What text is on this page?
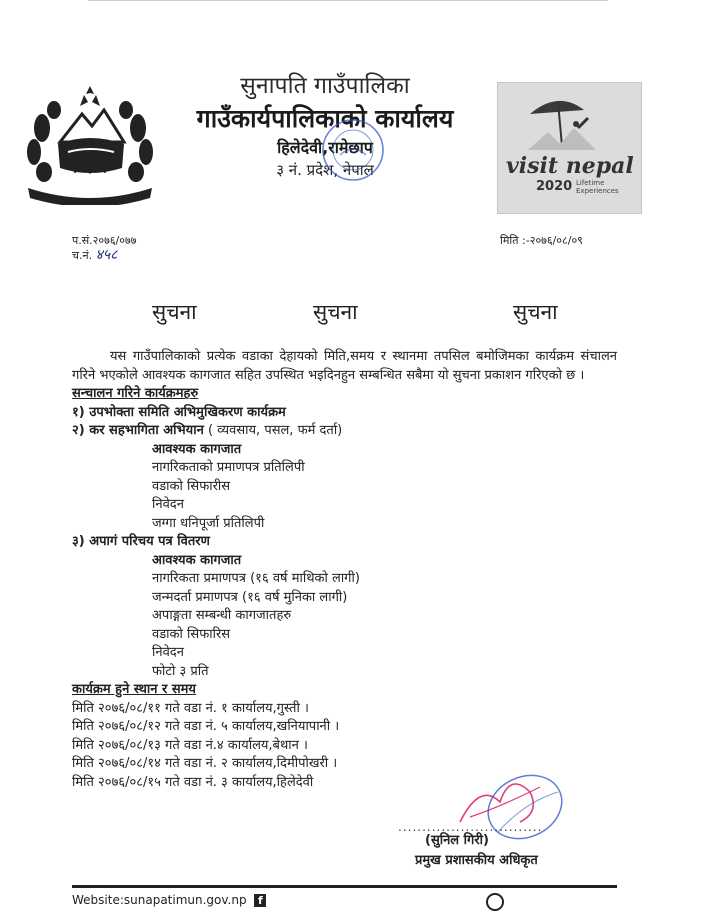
सुनापति गाउँपालिका
गाउँकार्यपालिकाको कार्यालय
हिलेदेवी,रामेछाप
३ नं. प्रदेश, नेपाल	visit nepal
2020 Lifetime
Experiences
प.सं.२०७६/०७७
च.नं. ४५८
मिति :-२०७६/०८/०९
सुचना	सुचना	सुचना
यस गाउँपालिकाको प्रत्येक वडाका देहायको मिति,समय र स्थानमा तपसिल बमोजिमका कार्यक्रम संचालन गरिने भएकोले आवश्यक कागजात सहित उपस्थित भइदिनहुन सम्बन्धित सबैमा यो सुचना प्रकाशन गरिएको छ ।
सन्चालन गरिने कार्यक्रमहरु
१) उपभोक्ता समिति अभिमुखिकरण कार्यक्रम
२) कर सहभागिता अभियान ( व्यवसाय, पसल, फर्म दर्ता)
आवश्यक कागजात
नागरिकताको प्रमाणपत्र प्रतिलिपी
वडाको सिफारीस
निवेदन
जग्गा धनिपूर्जा प्रतिलिपी
३) अपागं परिचय पत्र वितरण
आवश्यक कागजात
नागरिकता प्रमाणपत्र (१६ वर्ष माथिको लागी)
जन्मदर्ता प्रमाणपत्र (१६ वर्ष मुनिका लागी)
अपाङ्गता सम्बन्धी कागजातहरु
वडाको सिफारिस
निवेदन
फोटो ३ प्रति
कार्यक्रम हुने स्थान र समय
मिति २०७६/०८/११ गते वडा नं. १ कार्यालय,गुस्ती ।
मिति २०७६/०८/१२ गते वडा नं. ५ कार्यालय,खनियापानी ।
मिति २०७६/०८/१३ गते वडा नं.४ कार्यालय,बेथान ।
मिति २०७६/०८/१४ गते वडा नं. २ कार्यालय,दिमीपोखरी ।
मिति २०७६/०८/१५ गते वडा नं. ३ कार्यालय,हिलेदेवी
..............................
(सुनिल गिरी)
प्रमुख प्रशासकीय अधिकृत
Website:sunapatimun.gov.np f
